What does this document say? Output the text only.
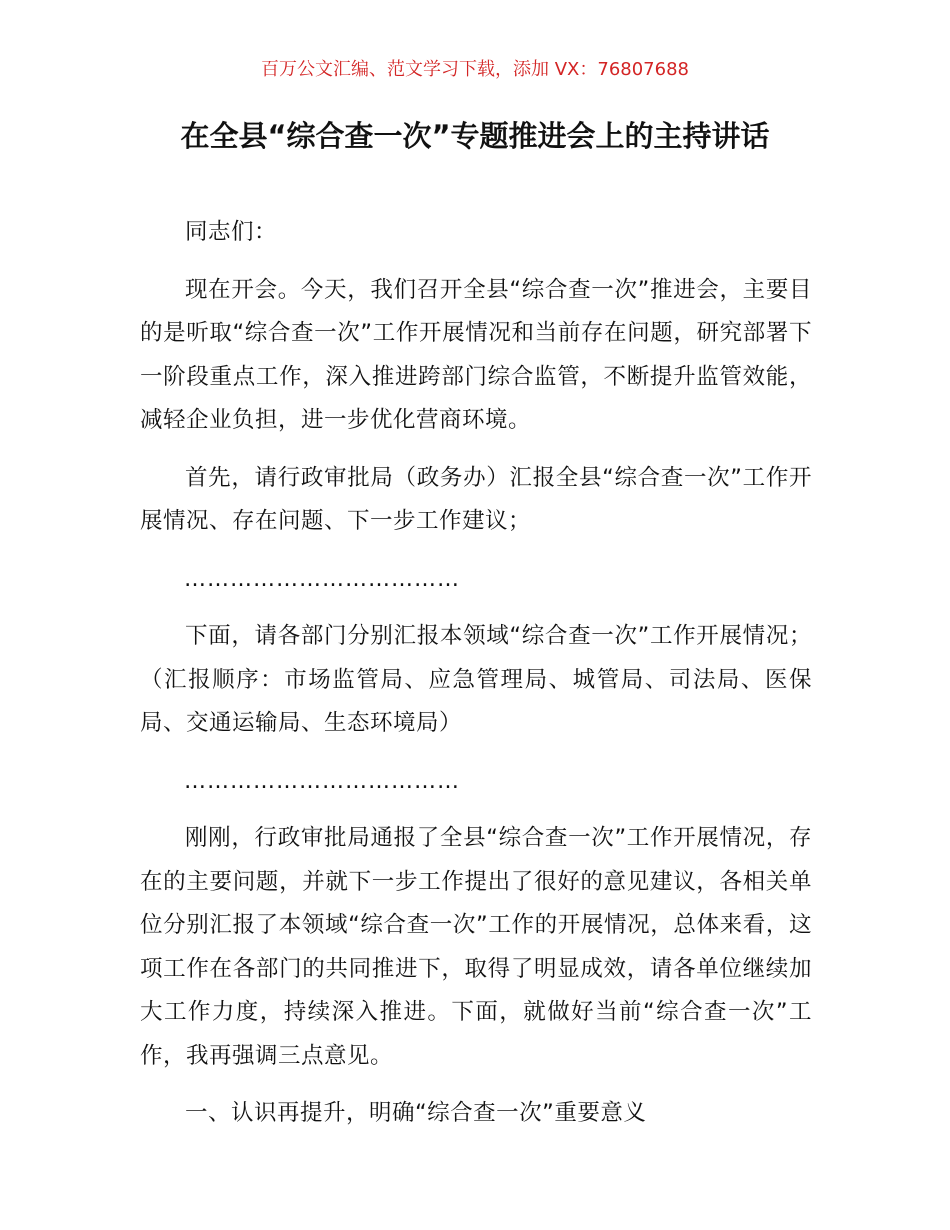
百万公文汇编、范文学习下载，添加 VX：76807688
在全县“综合查一次”专题推进会上的主持讲话

同志们：

现在开会。今天，我们召开全县“综合查一次”推进会，主要目的是听取“综合查一次”工作开展情况和当前存在问题，研究部署下一阶段重点工作，深入推进跨部门综合监管，不断提升监管效能，减轻企业负担，进一步优化营商环境。

首先，请行政审批局（政务办）汇报全县“综合查一次”工作开展情况、存在问题、下一步工作建议；

………………………………

下面，请各部门分别汇报本领域“综合查一次”工作开展情况；（汇报顺序：市场监管局、应急管理局、城管局、司法局、医保局、交通运输局、生态环境局）

………………………………

刚刚，行政审批局通报了全县“综合查一次”工作开展情况，存在的主要问题，并就下一步工作提出了很好的意见建议，各相关单位分别汇报了本领域“综合查一次”工作的开展情况，总体来看，这项工作在各部门的共同推进下，取得了明显成效，请各单位继续加大工作力度，持续深入推进。下面，就做好当前“综合查一次”工作，我再强调三点意见。

一、认识再提升，明确“综合查一次”重要意义
